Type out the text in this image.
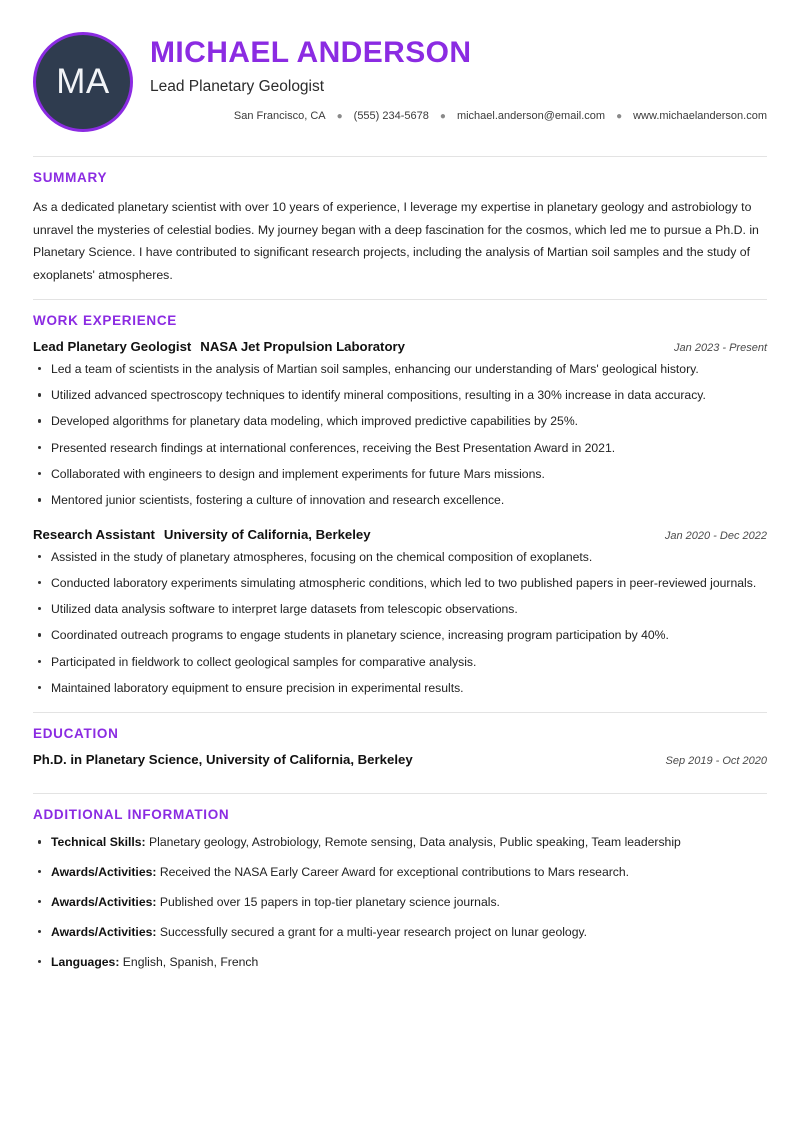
MA
MICHAEL ANDERSON
Lead Planetary Geologist
San Francisco, CA ● (555) 234-5678 ● michael.anderson@email.com ● www.michaelanderson.com
SUMMARY
As a dedicated planetary scientist with over 10 years of experience, I leverage my expertise in planetary geology and astrobiology to unravel the mysteries of celestial bodies. My journey began with a deep fascination for the cosmos, which led me to pursue a Ph.D. in Planetary Science. I have contributed to significant research projects, including the analysis of Martian soil samples and the study of exoplanets' atmospheres.
WORK EXPERIENCE
Lead Planetary Geologist NASA Jet Propulsion Laboratory	Jan 2023 - Present
Led a team of scientists in the analysis of Martian soil samples, enhancing our understanding of Mars' geological history.
Utilized advanced spectroscopy techniques to identify mineral compositions, resulting in a 30% increase in data accuracy.
Developed algorithms for planetary data modeling, which improved predictive capabilities by 25%.
Presented research findings at international conferences, receiving the Best Presentation Award in 2021.
Collaborated with engineers to design and implement experiments for future Mars missions.
Mentored junior scientists, fostering a culture of innovation and research excellence.
Research Assistant University of California, Berkeley	Jan 2020 - Dec 2022
Assisted in the study of planetary atmospheres, focusing on the chemical composition of exoplanets.
Conducted laboratory experiments simulating atmospheric conditions, which led to two published papers in peer-reviewed journals.
Utilized data analysis software to interpret large datasets from telescopic observations.
Coordinated outreach programs to engage students in planetary science, increasing program participation by 40%.
Participated in fieldwork to collect geological samples for comparative analysis.
Maintained laboratory equipment to ensure precision in experimental results.
EDUCATION
Ph.D. in Planetary Science, University of California, Berkeley	Sep 2019 - Oct 2020
ADDITIONAL INFORMATION
Technical Skills: Planetary geology, Astrobiology, Remote sensing, Data analysis, Public speaking, Team leadership
Awards/Activities: Received the NASA Early Career Award for exceptional contributions to Mars research.
Awards/Activities: Published over 15 papers in top-tier planetary science journals.
Awards/Activities: Successfully secured a grant for a multi-year research project on lunar geology.
Languages: English, Spanish, French
